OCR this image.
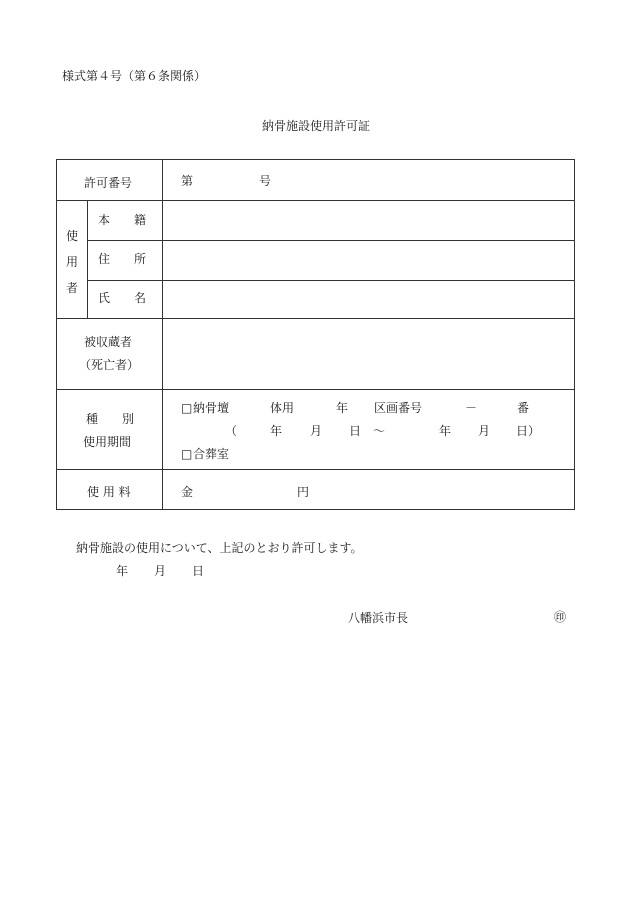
様式第４号（第６条関係）
納骨施設使用許可証
許可番号	第	号
使
用
者
本　　籍
住　　所
氏　　名
被収蔵者
（死亡者）
種　　別
使用期間
□ 納骨壇	体用	年 区画番号	－	番
（	年 月 日 ～	年 月 日）
□ 合葬室
使 用 料	金	円
納骨施設の使用について、上記のとおり許可します。
年 月 日
八幡浜市長	㊞
